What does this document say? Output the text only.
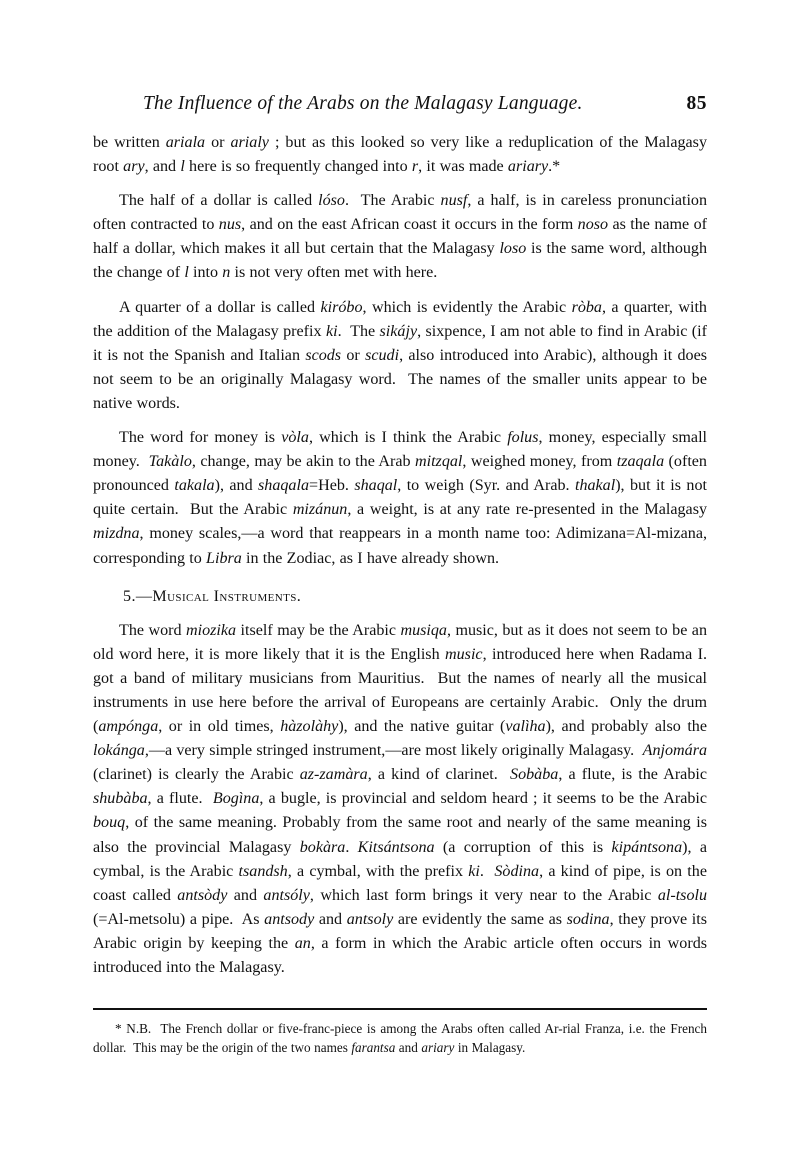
The Influence of the Arabs on the Malagasy Language.	85

be written ariala or arialy ; but as this looked so very like a reduplication of the Malagasy root ary, and l here is so frequently changed into r, it was made ariary.*

The half of a dollar is called lóso.  The Arabic nusf, a half, is in careless pronunciation often contracted to nus, and on the east African coast it occurs in the form noso as the name of half a dollar, which makes it all but certain that the Malagasy loso is the same word, although the change of l into n is not very often met with here.

A quarter of a dollar is called kiróbo, which is evidently the Arabic ròba, a quarter, with the addition of the Malagasy prefix ki.  The sikájy, sixpence, I am not able to find in Arabic (if it is not the Spanish and Italian scods or scudi, also introduced into Arabic), although it does not seem to be an originally Malagasy word.  The names of the smaller units appear to be native words.

The word for money is vòla, which is I think the Arabic folus, money, especially small money.  Takàlo, change, may be akin to the Arab mitzqal, weighed money, from tzaqala (often pronounced takala), and shaqala=Heb. shaqal, to weigh (Syr. and Arab. thakal), but it is not quite certain.  But the Arabic mizánun, a weight, is at any rate re-presented in the Malagasy mizdna, money scales,—a word that reappears in a month name too: Adimizana=Al-mizana, corresponding to Libra in the Zodiac, as I have already shown.

5.—Musical Instruments.

The word miozika itself may be the Arabic musiqa, music, but as it does not seem to be an old word here, it is more likely that it is the English music, introduced here when Radama I. got a band of military musicians from Mauritius.  But the names of nearly all the musical instruments in use here before the arrival of Europeans are certainly Arabic.  Only the drum (ampónga, or in old times, hàzolàhy), and the native guitar (valìha), and probably also the lokánga,—a very simple stringed instrument,—are most likely originally Malagasy.  Anjomára (clarinet) is clearly the Arabic az-zamàra, a kind of clarinet.  Sobàba, a flute, is the Arabic shubàba, a flute.  Bogìna, a bugle, is provincial and seldom heard ; it seems to be the Arabic bouq, of the same meaning. Probably from the same root and nearly of the same meaning is also the provincial Malagasy bokàra. Kitsántsona (a corruption of this is kipántsona), a cymbal, is the Arabic tsandsh, a cymbal, with the prefix ki.  Sòdina, a kind of pipe, is on the coast called antsòdy and antsóly, which last form brings it very near to the Arabic al-tsolu (=Al-metsolu) a pipe.  As antsody and antsoly are evidently the same as sodina, they prove its Arabic origin by keeping the an, a form in which the Arabic article often occurs in words introduced into the Malagasy.

* N.B.  The French dollar or five-franc-piece is among the Arabs often called Ar-rial Franza, i.e. the French dollar.  This may be the origin of the two names farantsa and ariary in Malagasy.
